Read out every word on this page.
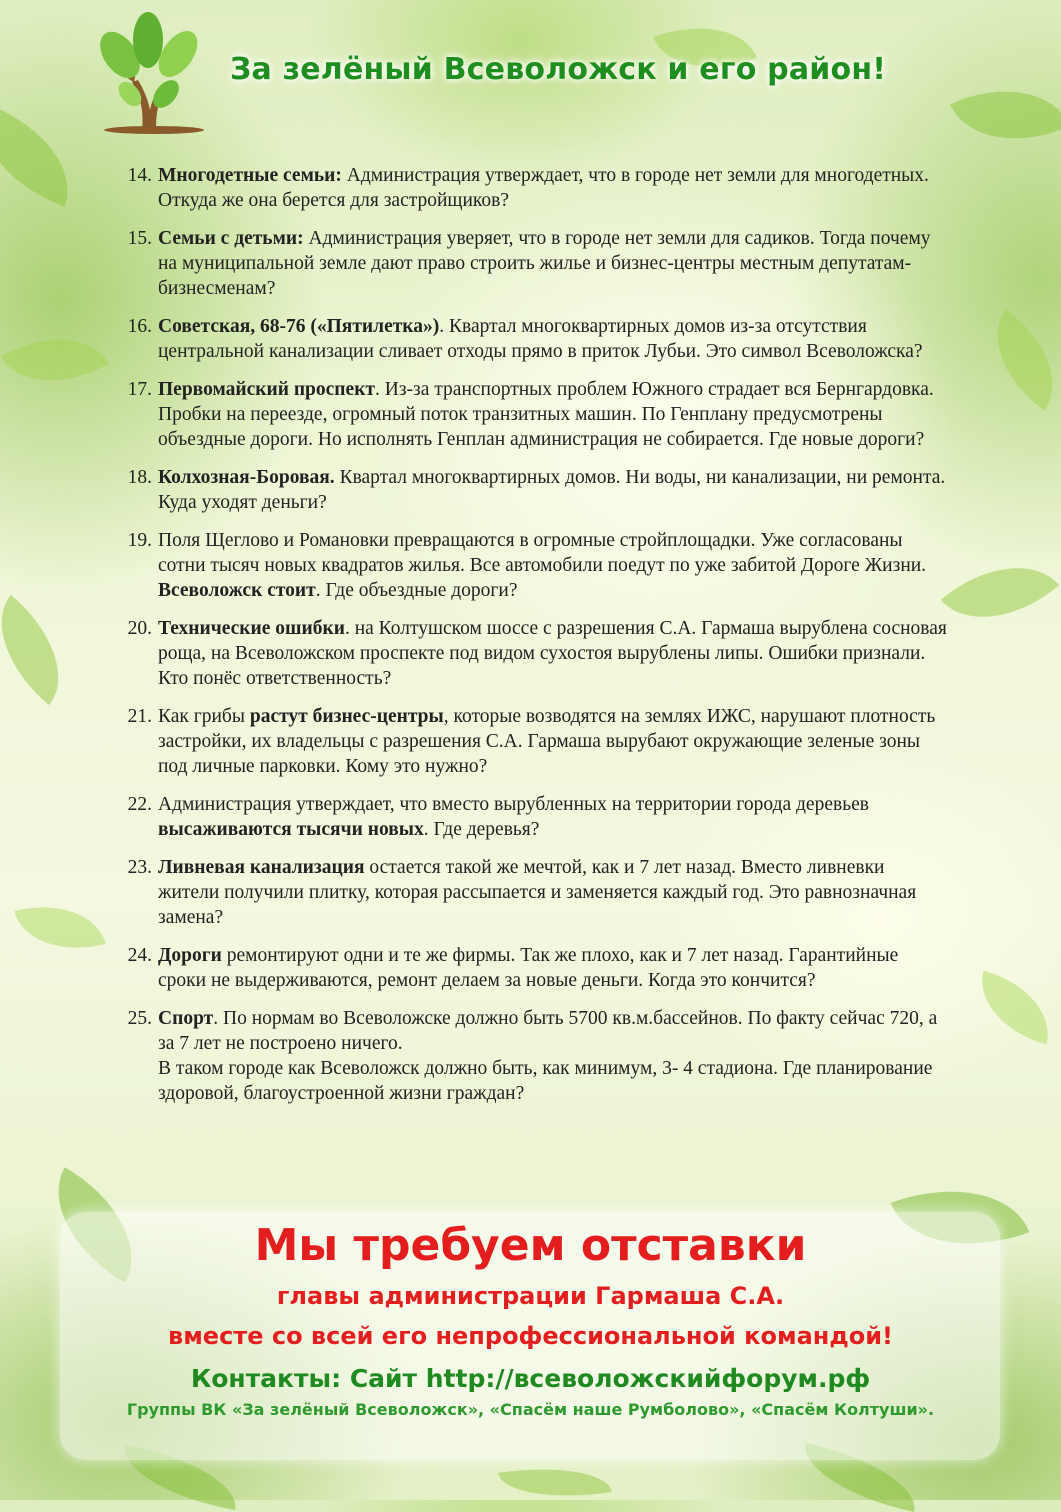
За зелёный Всеволожск и его район!
14. Многодетные семьи: Администрация утверждает, что в городе нет земли для многодетных. Откуда же она берется для застройщиков?
15. Семьи с детьми: Администрация уверяет, что в городе нет земли для садиков. Тогда почему на муниципальной земле дают право строить жилье и бизнес-центры местным депутатам-бизнесменам?
16. Советская, 68-76 («Пятилетка»). Квартал многоквартирных домов из-за отсутствия центральной канализации сливает отходы прямо в приток Лубьи. Это символ Всеволожска?
17. Первомайский проспект. Из-за транспортных проблем Южного страдает вся Бернгардовка. Пробки на переезде, огромный поток транзитных машин. По Генплану предусмотрены объездные дороги. Но исполнять Генплан администрация не собирается. Где новые дороги?
18. Колхозная-Боровая. Квартал многоквартирных домов. Ни воды, ни канализации, ни ремонта. Куда уходят деньги?
19. Поля Щеглово и Романовки превращаются в огромные стройплощадки. Уже согласованы сотни тысяч новых квадратов жилья. Все автомобили поедут по уже забитой Дороге Жизни. Всеволожск стоит. Где объездные дороги?
20. Технические ошибки. на Колтушском шоссе с разрешения С.А. Гармаша вырублена сосновая роща, на Всеволожском проспекте под видом сухостоя вырублены липы. Ошибки признали. Кто понёс ответственность?
21. Как грибы растут бизнес-центры, которые возводятся на землях ИЖС, нарушают плотность застройки, их владельцы с разрешения С.А. Гармаша вырубают окружающие зеленые зоны под личные парковки. Кому это нужно?
22. Администрация утверждает, что вместо вырубленных на территории города деревьев высаживаются тысячи новых. Где деревья?
23. Ливневая канализация остается такой же мечтой, как и 7 лет назад. Вместо ливневки жители получили плитку, которая рассыпается и заменяется каждый год. Это равнозначная замена?
24. Дороги ремонтируют одни и те же фирмы. Так же плохо, как и 7 лет назад. Гарантийные сроки не выдерживаются, ремонт делаем за новые деньги. Когда это кончится?
25. Спорт. По нормам во Всеволожске должно быть 5700 кв.м.бассейнов. По факту сейчас 720, а за 7 лет не построено ничего.
В таком городе как Всеволожск должно быть, как минимум, 3- 4 стадиона. Где планирование здоровой, благоустроенной жизни граждан?
Мы требуем отставки
главы администрации Гармаша С.А.
вместе со всей его непрофессиональной командой!
Контакты: Сайт http://всеволожскийфорум.рф
Группы ВК «За зелёный Всеволожск», «Спасём наше Румболово», «Спасём Колтуши».
